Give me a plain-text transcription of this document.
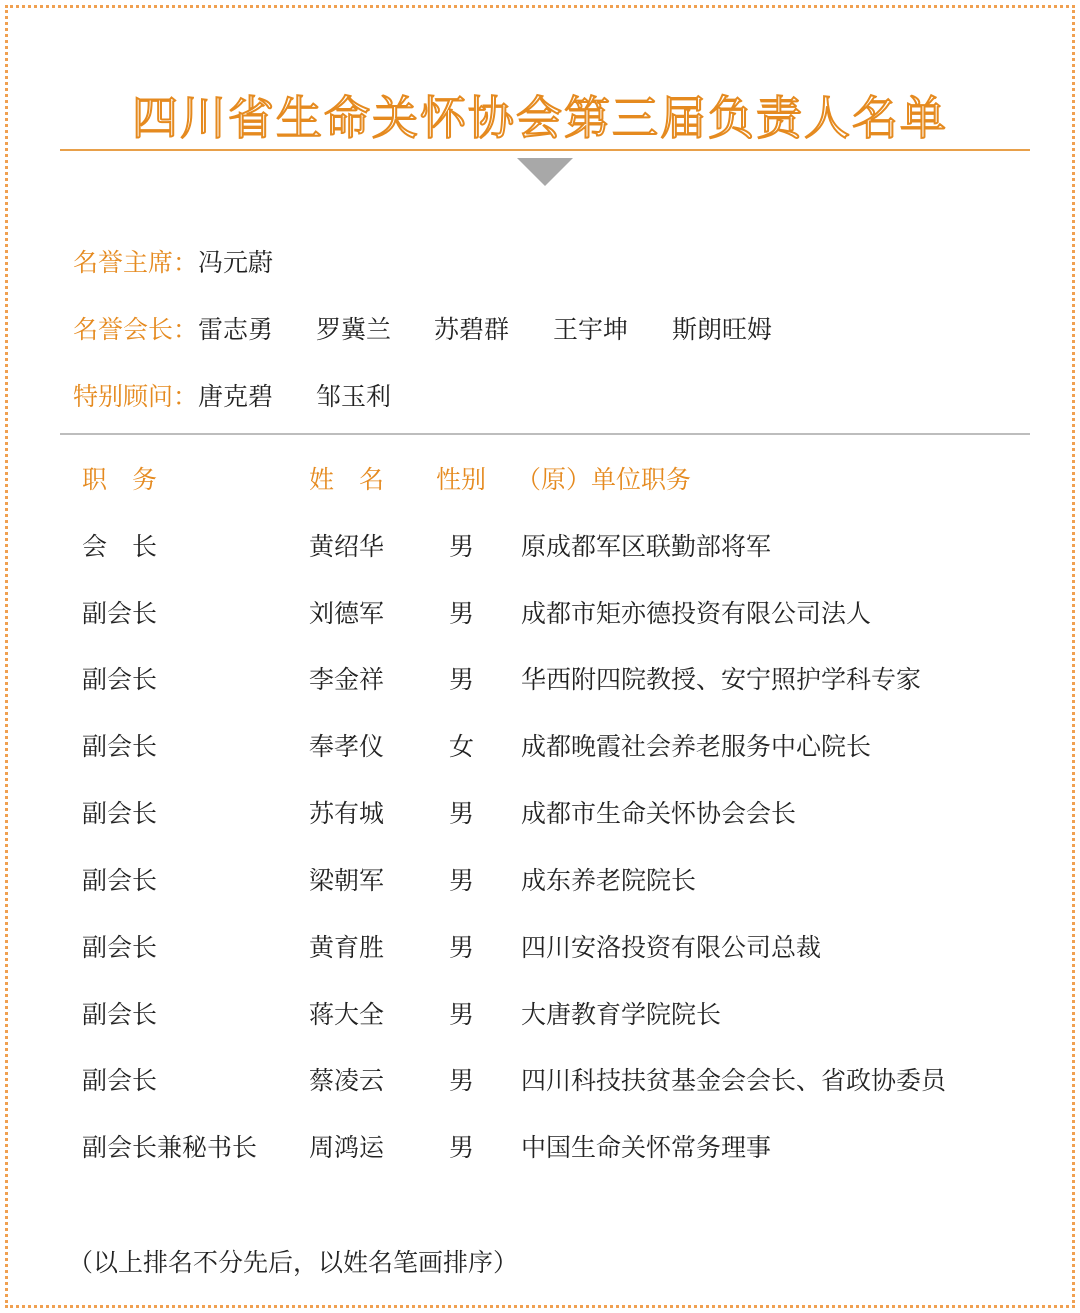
四川省生命关怀协会第三届负责人名单
名誉主席：冯元蔚
名誉会长：雷志勇 罗冀兰 苏碧群 王宇坤 斯朗旺姆
特别顾问：唐克碧 邹玉利
职　务	姓　名 性别 （原）单位职务
会　长	黄绍华	男 原成都军区联勤部将军
副会长	刘德军	男 成都市矩亦德投资有限公司法人
副会长	李金祥	男 华西附四院教授、安宁照护学科专家
副会长	奉孝仪	女 成都晚霞社会养老服务中心院长
副会长	苏有城	男 成都市生命关怀协会会长
副会长	梁朝军	男 成东养老院院长
副会长	黄育胜	男 四川安洛投资有限公司总裁
副会长	蒋大全	男 大唐教育学院院长
副会长	蔡凌云	男 四川科技扶贫基金会会长、省政协委员
副会长兼秘书长 周鸿运	男 中国生命关怀常务理事
（以上排名不分先后，以姓名笔画排序）
